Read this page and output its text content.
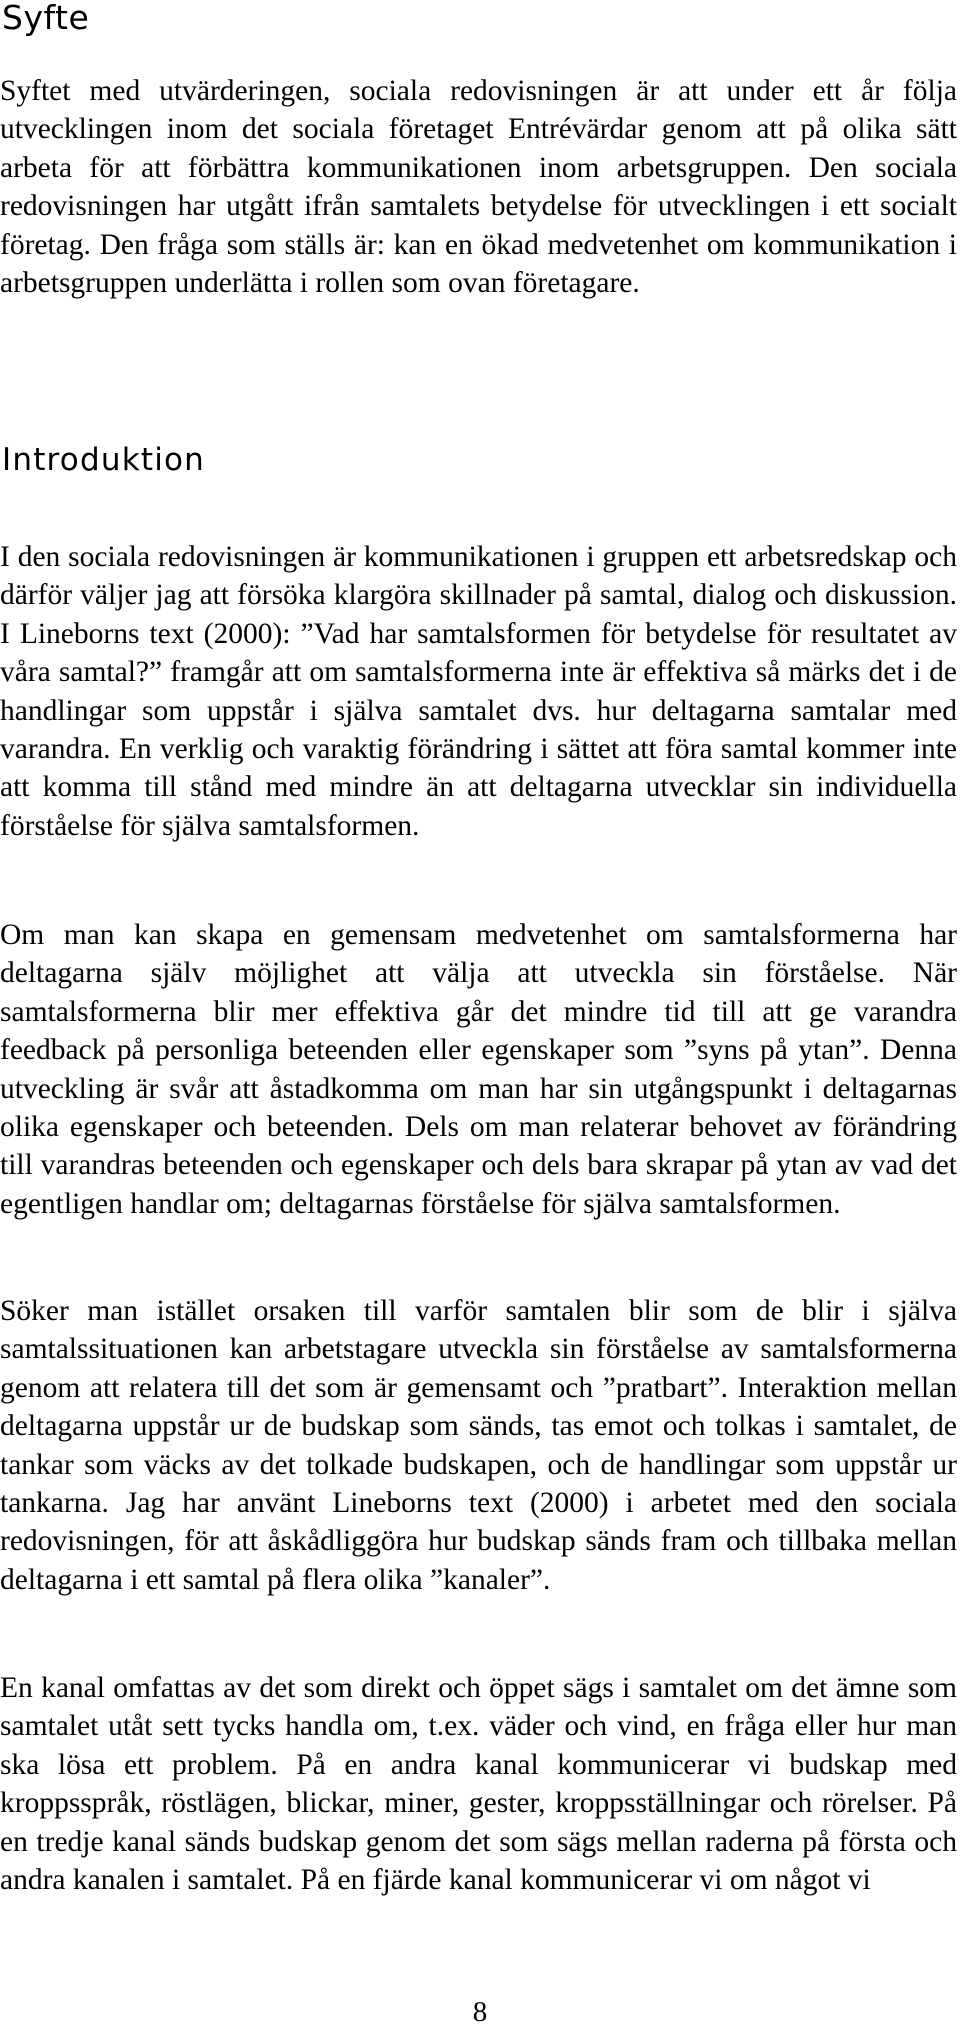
Syfte

Syftet med utvärderingen, sociala redovisningen är att under ett år följa utvecklingen inom det sociala företaget Entrévärdar genom att på olika sätt arbeta för att förbättra kommunikationen inom arbetsgruppen. Den sociala redovisningen har utgått ifrån samtalets betydelse för utvecklingen i ett socialt företag. Den fråga som ställs är: kan en ökad medvetenhet om kommunikation i arbetsgruppen underlätta i rollen som ovan företagare.

Introduktion

I den sociala redovisningen är kommunikationen i gruppen ett arbetsredskap och därför väljer jag att försöka klargöra skillnader på samtal, dialog och diskussion. I Lineborns text (2000): ”Vad har samtalsformen för betydelse för resultatet av våra samtal?” framgår att om samtalsformerna inte är effektiva så märks det i de handlingar som uppstår i själva samtalet dvs. hur deltagarna samtalar med varandra. En verklig och varaktig förändring i sättet att föra samtal kommer inte att komma till stånd med mindre än att deltagarna utvecklar sin individuella förståelse för själva samtalsformen.

Om man kan skapa en gemensam medvetenhet om samtalsformerna har deltagarna själv möjlighet att välja att utveckla sin förståelse. När samtalsformerna blir mer effektiva går det mindre tid till att ge varandra feedback på personliga beteenden eller egenskaper som ”syns på ytan”. Denna utveckling är svår att åstadkomma om man har sin utgångspunkt i deltagarnas olika egenskaper och beteenden. Dels om man relaterar behovet av förändring till varandras beteenden och egenskaper och dels bara skrapar på ytan av vad det egentligen handlar om; deltagarnas förståelse för själva samtalsformen.

Söker man istället orsaken till varför samtalen blir som de blir i själva samtalssituationen kan arbetstagare utveckla sin förståelse av samtalsformerna genom att relatera till det som är gemensamt och ”pratbart”. Interaktion mellan deltagarna uppstår ur de budskap som sänds, tas emot och tolkas i samtalet, de tankar som väcks av det tolkade budskapen, och de handlingar som uppstår ur tankarna. Jag har använt Lineborns text (2000) i arbetet med den sociala redovisningen, för att åskådliggöra hur budskap sänds fram och tillbaka mellan deltagarna i ett samtal på flera olika ”kanaler”.

En kanal omfattas av det som direkt och öppet sägs i samtalet om det ämne som samtalet utåt sett tycks handla om, t.ex. väder och vind, en fråga eller hur man ska lösa ett problem. På en andra kanal kommunicerar vi budskap med kroppsspråk, röstlägen, blickar, miner, gester, kroppsställningar och rörelser. På en tredje kanal sänds budskap genom det som sägs mellan raderna på första och andra kanalen i samtalet. På en fjärde kanal kommunicerar vi om något vi

8
